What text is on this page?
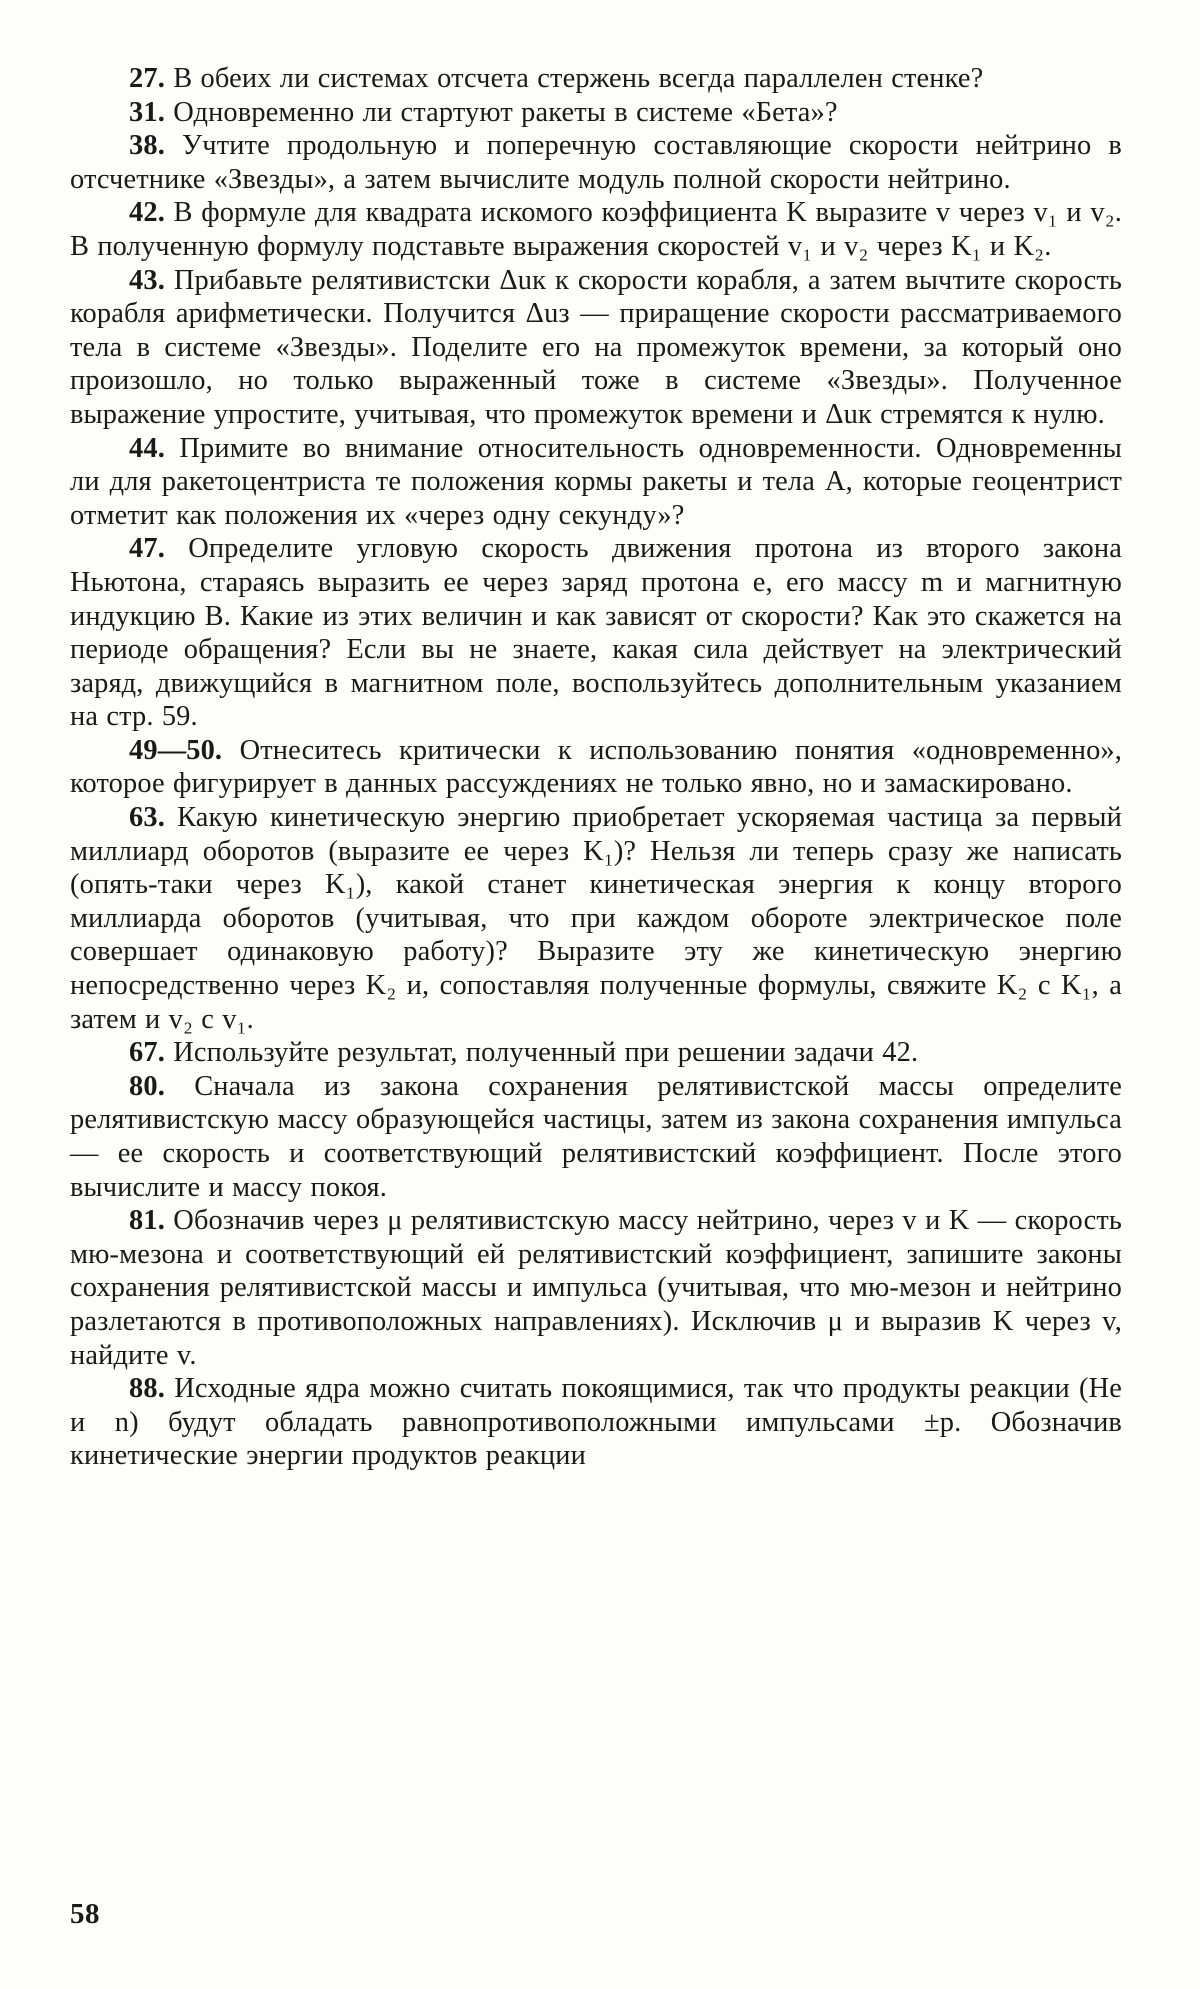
27. В обеих ли системах отсчета стержень всегда параллелен стенке?

31. Одновременно ли стартуют ракеты в системе «Бета»?

38. Учтите продольную и поперечную составляющие скорости нейтрино в отсчетнике «Звезды», а затем вычислите модуль полной скорости нейтрино.

42. В формуле для квадрата искомого коэффициента K выразите v через v₁ и v₂. В полученную формулу подставьте выражения скоростей v₁ и v₂ через K₁ и K₂.

43. Прибавьте релятивистски Δuк к скорости корабля, а затем вычтите скорость корабля арифметически. Получится Δuз — приращение скорости рассматриваемого тела в системе «Звезды». Поделите его на промежуток времени, за который оно произошло, но только выраженный тоже в системе «Звезды». Полученное выражение упростите, учитывая, что промежуток времени и Δuк стремятся к нулю.

44. Примите во внимание относительность одновременности. Одновременны ли для ракетоцентриста те положения кормы ракеты и тела A, которые геоцентрист отметит как положения их «через одну секунду»?

47. Определите угловую скорость движения протона из второго закона Ньютона, стараясь выразить ее через заряд протона e, его массу m и магнитную индукцию B. Какие из этих величин и как зависят от скорости? Как это скажется на периоде обращения? Если вы не знаете, какая сила действует на электрический заряд, движущийся в магнитном поле, воспользуйтесь дополнительным указанием на стр. 59.

49—50. Отнеситесь критически к использованию понятия «одновременно», которое фигурирует в данных рассуждениях не только явно, но и замаскировано.

63. Какую кинетическую энергию приобретает ускоряемая частица за первый миллиард оборотов (выразите ее через K₁)? Нельзя ли теперь сразу же написать (опять-таки через K₁), какой станет кинетическая энергия к концу второго миллиарда оборотов (учитывая, что при каждом обороте электрическое поле совершает одинаковую работу)? Выразите эту же кинетическую энергию непосредственно через K₂ и, сопоставляя полученные формулы, свяжите K₂ с K₁, а затем и v₂ с v₁.

67. Используйте результат, полученный при решении задачи 42.

80. Сначала из закона сохранения релятивистской массы определите релятивистскую массу образующейся частицы, затем из закона сохранения импульса — ее скорость и соответствующий релятивистский коэффициент. После этого вычислите и массу покоя.

81. Обозначив через μ релятивистскую массу нейтрино, через v и K — скорость мю-мезона и соответствующий ей релятивистский коэффициент, запишите законы сохранения релятивистской массы и импульса (учитывая, что мю-мезон и нейтрино разлетаются в противоположных направлениях). Исключив μ и выразив K через v, найдите v.

88. Исходные ядра можно считать покоящимися, так что продукты реакции (He и n) будут обладать равнопротивоположными импульсами ±p. Обозначив кинетические энергии продуктов реакции

58
